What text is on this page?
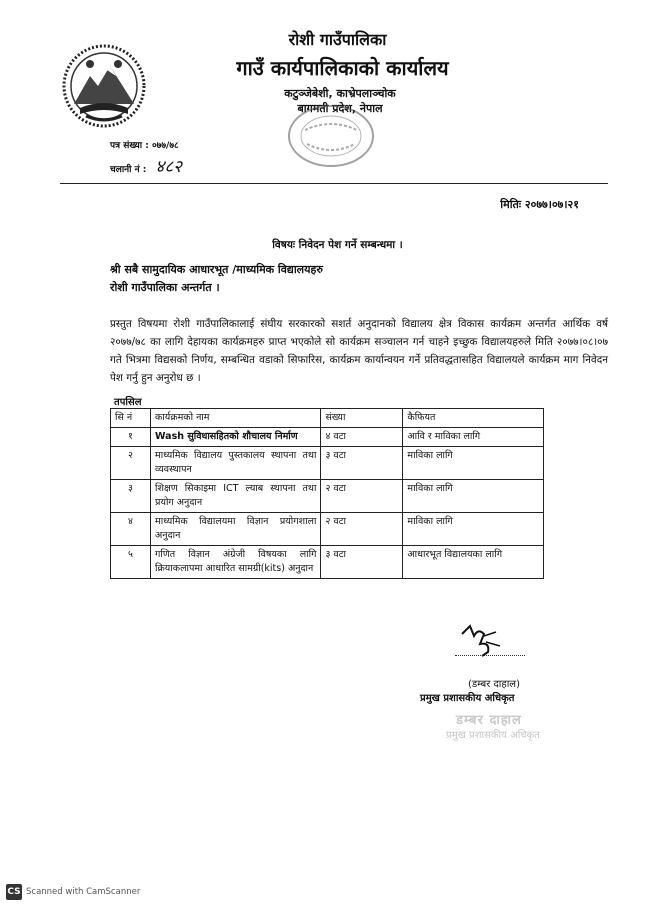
रोशी गाउँपालिका
गाउँ कार्यपालिकाको कार्यालय
कटुञ्जेबेशी, काभ्रेपलाञ्चोक
बागमती प्रदेश, नेपाल
पत्र संख्या : ०७७/७८
चलानी नं : ४८२
मितिः २०७७।०७।२१
विषयः निवेदन पेश गर्ने सम्बन्धमा ।
श्री सबै सामुदायिक आधारभूत /माध्यमिक विद्यालयहरु
रोशी गाउँपालिका अन्तर्गत ।
प्रस्तुत विषयमा रोशी गाउँपालिकालाई संघीय सरकारको सशर्त अनुदानको विद्यालय क्षेत्र विकास कार्यक्रम अन्तर्गत आर्थिक वर्ष २०७७/७८ का लागि देहायका कार्यक्रमहरु प्राप्त भएकोले सो कार्यक्रम सञ्चालन गर्न चाहने इच्छुक विद्यालयहरुले मिति २०७७।०८।०७ गते भित्रमा विद्यसको निर्णय, सम्बन्धित वडाको सिफारिस, कार्यक्रम कार्यान्वयन गर्ने प्रतिवद्धतासहित विद्यालयले कार्यक्रम माग निवेदन पेश गर्नु हुन अनुरोध छ ।
तपसिल
सि नं	कार्यक्रमको नाम	संख्या	कैफियत
१	Wash सुविधासहितको शौचालय निर्माण	४ वटा	आवि र माविका लागि
२	माध्यमिक विद्यालय पुस्तकालय स्थापना तथा व्यवस्थापन	३ वटा	माविका लागि
३	शिक्षण सिकाइमा ICT ल्याब स्थापना तथा प्रयोग अनुदान	२ वटा	माविका लागि
४	माध्यमिक विद्यालयमा विज्ञान प्रयोगशाला अनुदान	२ वटा	माविका लागि
५	गणित विज्ञान अंग्रेजी विषयका लागि क्रियाकलापमा आधारित सामग्री(kits) अनुदान	३ वटा	आधारभूत विद्यालयका लागि
(डम्बर दाहाल)
प्रमुख प्रशासकीय अधिकृत
डम्बर दाहाल
प्रमुख प्रशासकीय अधिकृत
CS Scanned with CamScanner
